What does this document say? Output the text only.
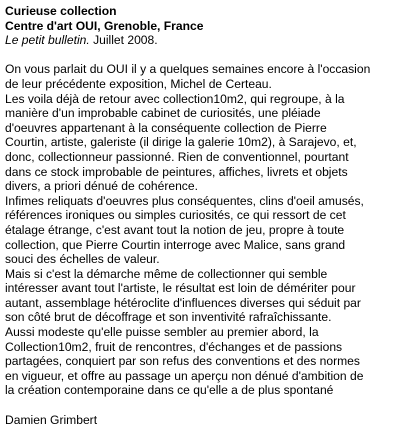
Curieuse collection
Centre d'art OUI, Grenoble, France
Le petit bulletin. Juillet 2008.
On vous parlait du OUI il y a quelques semaines encore à l'occasion
de leur précédente exposition, Michel de Certeau.
Les voila déjà de retour avec collection10m2, qui regroupe, à la
manière d'un improbable cabinet de curiosités, une pléiade
d'oeuvres appartenant à la conséquente collection de Pierre
Courtin, artiste, galeriste (il dirige la galerie 10m2), à Sarajevo, et,
donc, collectionneur passionné. Rien de conventionnel, pourtant
dans ce stock improbable de peintures, affiches, livrets et objets
divers, a priori dénué de cohérence.
Infimes reliquats d'oeuvres plus conséquentes, clins d'oeil amusés,
références ironiques ou simples curiosités, ce qui ressort de cet
étalage étrange, c'est avant tout la notion de jeu, propre à toute
collection, que Pierre Courtin interroge avec Malice, sans grand
souci des échelles de valeur.
Mais si c'est la démarche même de collectionner qui semble
intéresser avant tout l'artiste, le résultat est loin de démériter pour
autant, assemblage hétéroclite d'influences diverses qui séduit par
son côté brut de décoffrage et son inventivité rafraîchissante.
Aussi modeste qu'elle puisse sembler au premier abord, la
Collection10m2, fruit de rencontres, d'échanges et de passions
partagées, conquiert par son refus des conventions et des normes
en vigueur, et offre au passage un aperçu non dénué d'ambition de
la création contemporaine dans ce qu'elle a de plus spontané
Damien Grimbert
